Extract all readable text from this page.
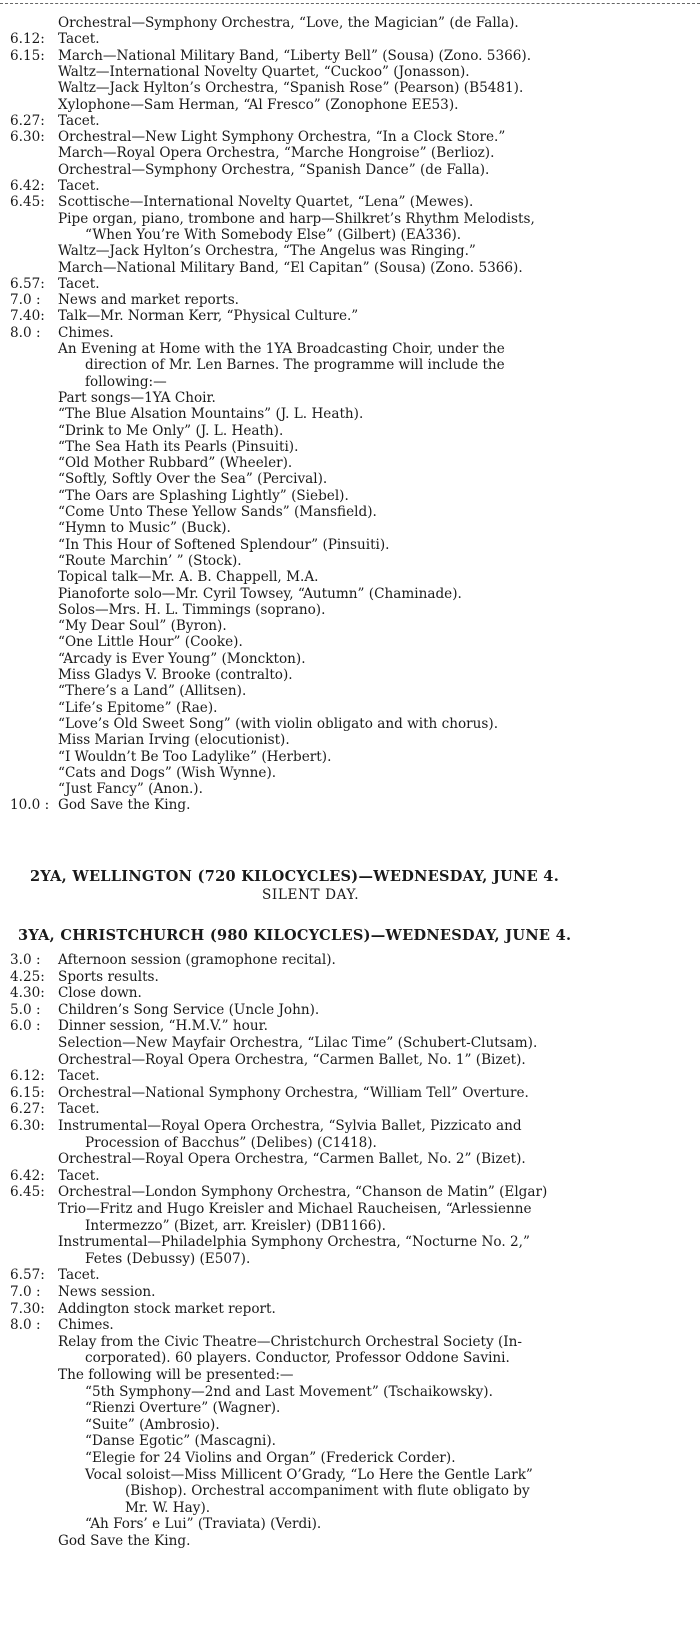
Orchestral—Symphony Orchestra, “Love, the Magician” (de Falla).
6.12: Tacet.
6.15: March—National Military Band, “Liberty Bell” (Sousa) (Zono. 5366).
Waltz—International Novelty Quartet, “Cuckoo” (Jonasson).
Waltz—Jack Hylton’s Orchestra, “Spanish Rose” (Pearson) (B5481).
Xylophone—Sam Herman, “Al Fresco” (Zonophone EE53).
6.27: Tacet.
6.30: Orchestral—New Light Symphony Orchestra, “In a Clock Store.”
March—Royal Opera Orchestra, “Marche Hongroise” (Berlioz).
Orchestral—Symphony Orchestra, “Spanish Dance” (de Falla).
6.42: Tacet.
6.45: Scottische—International Novelty Quartet, “Lena” (Mewes).
Pipe organ, piano, trombone and harp—Shilkret’s Rhythm Melodists,
“When You’re With Somebody Else” (Gilbert) (EA336).
Waltz—Jack Hylton’s Orchestra, “The Angelus was Ringing.”
March—National Military Band, “El Capitan” (Sousa) (Zono. 5366).
6.57: Tacet.
7.0 : News and market reports.
7.40: Talk—Mr. Norman Kerr, “Physical Culture.”
8.0 : Chimes.
An Evening at Home with the 1YA Broadcasting Choir, under the
direction of Mr. Len Barnes. The programme will include the
following:—
Part songs—1YA Choir.
“The Blue Alsation Mountains” (J. L. Heath).
“Drink to Me Only” (J. L. Heath).
“The Sea Hath its Pearls (Pinsuiti).
“Old Mother Rubbard” (Wheeler).
“Softly, Softly Over the Sea” (Percival).
“The Oars are Splashing Lightly” (Siebel).
“Come Unto These Yellow Sands” (Mansfield).
“Hymn to Music” (Buck).
“In This Hour of Softened Splendour” (Pinsuiti).
“Route Marchin’ ” (Stock).
Topical talk—Mr. A. B. Chappell, M.A.
Pianoforte solo—Mr. Cyril Towsey, “Autumn” (Chaminade).
Solos—Mrs. H. L. Timmings (soprano).
“My Dear Soul” (Byron).
“One Little Hour” (Cooke).
“Arcady is Ever Young” (Monckton).
Miss Gladys V. Brooke (contralto).
“There’s a Land” (Allitsen).
“Life’s Epitome” (Rae).
“Love’s Old Sweet Song” (with violin obligato and with chorus).
Miss Marian Irving (elocutionist).
“I Wouldn’t Be Too Ladylike” (Herbert).
“Cats and Dogs” (Wish Wynne).
“Just Fancy” (Anon.).
10.0 : God Save the King.
2YA, WELLINGTON (720 KILOCYCLES)—WEDNESDAY, JUNE 4.
SILENT DAY.
3YA, CHRISTCHURCH (980 KILOCYCLES)—WEDNESDAY, JUNE 4.
3.0 : Afternoon session (gramophone recital).
4.25: Sports results.
4.30: Close down.
5.0 : Children’s Song Service (Uncle John).
6.0 : Dinner session, “H.M.V.” hour.
Selection—New Mayfair Orchestra, “Lilac Time” (Schubert-Clutsam).
Orchestral—Royal Opera Orchestra, “Carmen Ballet, No. 1” (Bizet).
6.12: Tacet.
6.15: Orchestral—National Symphony Orchestra, “William Tell” Overture.
6.27: Tacet.
6.30: Instrumental—Royal Opera Orchestra, “Sylvia Ballet, Pizzicato and
Procession of Bacchus” (Delibes) (C1418).
Orchestral—Royal Opera Orchestra, “Carmen Ballet, No. 2” (Bizet).
6.42: Tacet.
6.45: Orchestral—London Symphony Orchestra, “Chanson de Matin” (Elgar)
Trio—Fritz and Hugo Kreisler and Michael Raucheisen, “Arlessienne
Intermezzo” (Bizet, arr. Kreisler) (DB1166).
Instrumental—Philadelphia Symphony Orchestra, “Nocturne No. 2,”
Fetes (Debussy) (E507).
6.57: Tacet.
7.0 : News session.
7.30: Addington stock market report.
8.0 : Chimes.
Relay from the Civic Theatre—Christchurch Orchestral Society (In-
corporated). 60 players. Conductor, Professor Oddone Savini.
The following will be presented:—
“5th Symphony—2nd and Last Movement” (Tschaikowsky).
“Rienzi Overture” (Wagner).
“Suite” (Ambrosio).
“Danse Egotic” (Mascagni).
“Elegie for 24 Violins and Organ” (Frederick Corder).
Vocal soloist—Miss Millicent O’Grady, “Lo Here the Gentle Lark”
(Bishop). Orchestral accompaniment with flute obligato by
Mr. W. Hay).
“Ah Fors’ e Lui” (Traviata) (Verdi).
God Save the King.
